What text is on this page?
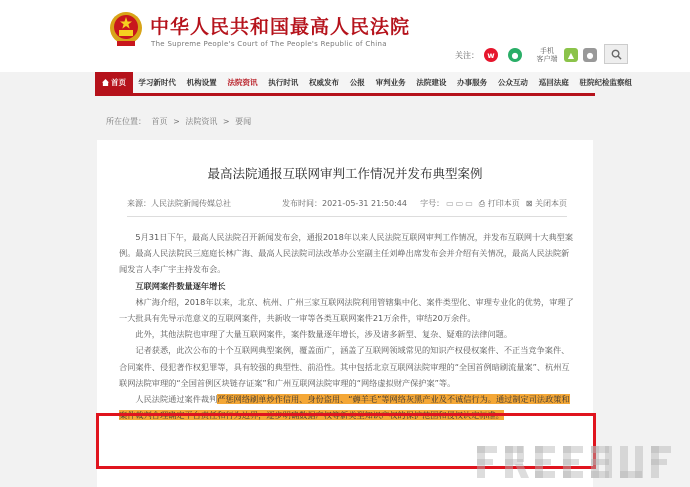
中华人民共和国最高人民法院
The Supreme People's Court of The People's Republic of China
关注：	w	●	手机
客户端	▲	●
首页	学习新时代	机构设置	法院资讯	执行时讯	权威发布	公报	审判业务	法院建设	办事服务	公众互动	巡回法庭	驻院纪检监察组
所在位置： 首页 > 法院资讯 > 要闻
最高法院通报互联网审判工作情况并发布典型案例
来源：人民法院新闻传媒总社	发布时间：2021-05-31 21:50:44 字号： ▭ ▭ ▭ ⎙ 打印本页 ⊠ 关闭本页

5月31日下午，最高人民法院召开新闻发布会，通报2018年以来人民法院互联网审判工作情况，并发布互联网十大典型案例。最高人民法院民三庭庭长林广海、最高人民法院司法改革办公室副主任刘峥出席发布会并介绍有关情况，最高人民法院新闻发言人李广宇主持发布会。

互联网案件数量逐年增长

林广海介绍，2018年以来，北京、杭州、广州三家互联网法院利用管辖集中化、案件类型化、审理专业化的优势，审理了一大批具有先导示范意义的互联网案件，共新收一审等各类互联网案件21万余件，审结20万余件。

此外，其他法院也审理了大量互联网案件，案件数量逐年增长，涉及诸多新型、复杂、疑难的法律问题。

记者获悉，此次公布的十个互联网典型案例，覆盖面广，涵盖了互联网领域常见的知识产权侵权案件、不正当竞争案件、合同案件、侵犯著作权犯罪等，具有较强的典型性、前沿性。其中包括北京互联网法院审理的“全国首例暗刷流量案”、杭州互联网法院审理的“全国首例区块链存证案”和广州互联网法院审理的“网络虚拟财产保护案”等。

人民法院通过案件裁判严惩网络刷单炒作信用、身份盗用、“薅羊毛”等网络灰黑产业及不诚信行为。通过制定司法政策和案件裁判合理确定平台责任和行为边界，逐步明确数据产权等新类型知识产权的保护范围和侵权认定标准。
